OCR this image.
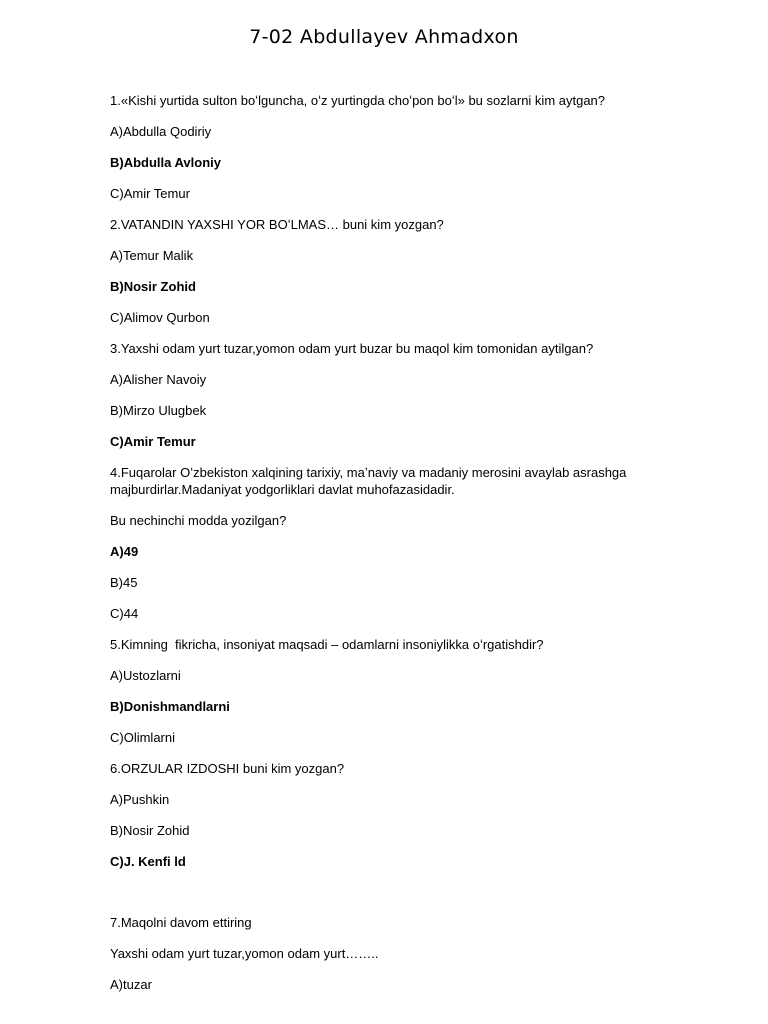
7-02 Abdullayev Ahmadxon
1.«Kishi yurtida sulton boʻlguncha, oʻz yurtingda choʻpon boʻl» bu sozlarni kim aytgan?
A)Abdulla Qodiriy
B)Abdulla Avloniy
C)Amir Temur
2.VATANDIN YAXSHI YOR BOʻLMAS… buni kim yozgan?
A)Temur Malik
B)Nosir Zohid
C)Alimov Qurbon
3.Yaxshi odam yurt tuzar,yomon odam yurt buzar bu maqol kim tomonidan aytilgan?
A)Alisher Navoiy
B)Mirzo Ulugbek
C)Amir Temur
4.Fuqarolar Oʻzbekiston xalqining tarixiy, maʼnaviy va madaniy merosini avaylab asrashga majburdirlar.Madaniyat yodgorliklari davlat muhofazasidadir.
Bu nechinchi modda yozilgan?
A)49
B)45
C)44
5.Kimning  fikricha, insoniyat maqsadi – odamlarni insoniylikka oʻrgatishdir?
A)Ustozlarni
B)Donishmandlarni
C)Olimlarni
6.ORZULAR IZDOSHI buni kim yozgan?
A)Pushkin
B)Nosir Zohid
C)J. Kenfi ld
7.Maqolni davom ettiring
Yaxshi odam yurt tuzar,yomon odam yurt……..
A)tuzar
